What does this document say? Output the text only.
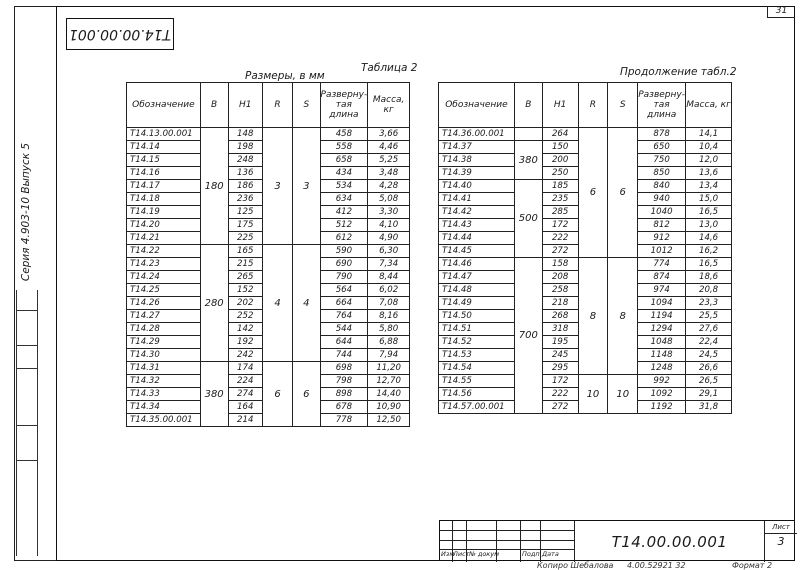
Серия 4.903-10 Выпуск 5
Т14.00.00.001
31
Размеры, в мм
Таблица 2	Продолжение табл.2
Обозначение	В	Н1	R	S	Разверну-тая длина	Масса, кг
Т14.13.00.001	180	148	3	3	458	3,66
Т14.14		198			558	4,46
Т14.15		248			658	5,25
Т14.16		136			434	3,48
Т14.17		186			534	4,28
Т14.18		236			634	5,08
Т14.19		125			412	3,30
Т14.20		175			512	4,10
Т14.21		225			612	4,90
Т14.22	280	165	4	4	590	6,30
Т14.23		215			690	7,34
Т14.24		265			790	8,44
Т14.25		152			564	6,02
Т14.26		202			664	7,08
Т14.27		252			764	8,16
Т14.28		142			544	5,80
Т14.29		192			644	6,88
Т14.30		242			744	7,94
Т14.31	380	174	6	6	698	11,20
Т14.32		224			798	12,70
Т14.33		274			898	14,40
Т14.34		164			678	10,90
Т14.35.00.001		214			778	12,50
Обозначение	В	Н1	R	S	Разверну-тая длина	Масса, кг
Т14.36.00.001		264	6	6	878	14,1
Т14.37	380	150			650	10,4
Т14.38		200			750	12,0
Т14.39		250			850	13,6
Т14.40	500	185			840	13,4
Т14.41		235			940	15,0
Т14.42		285			1040	16,5
Т14.43		172			812	13,0
Т14.44		222			912	14,6
Т14.45		272			1012	16,2
Т14.46	700	158	8	8	774	16,5
Т14.47		208			874	18,6
Т14.48		258			974	20,8
Т14.49		218			1094	23,3
Т14.50		268			1194	25,5
Т14.51		318			1294	27,6
Т14.52		195			1048	22,4
Т14.53		245			1148	24,5
Т14.54		295			1248	26,6
Т14.55		172	10	10	992	26,5
Т14.56		222			1092	29,1
Т14.57.00.001		272			1192	31,8
Изм
Лист № докум	Подп Дата
Т14.00.00.001
Лист
3
Копиро Шебалова 4.00.52921 32	Формат 2
